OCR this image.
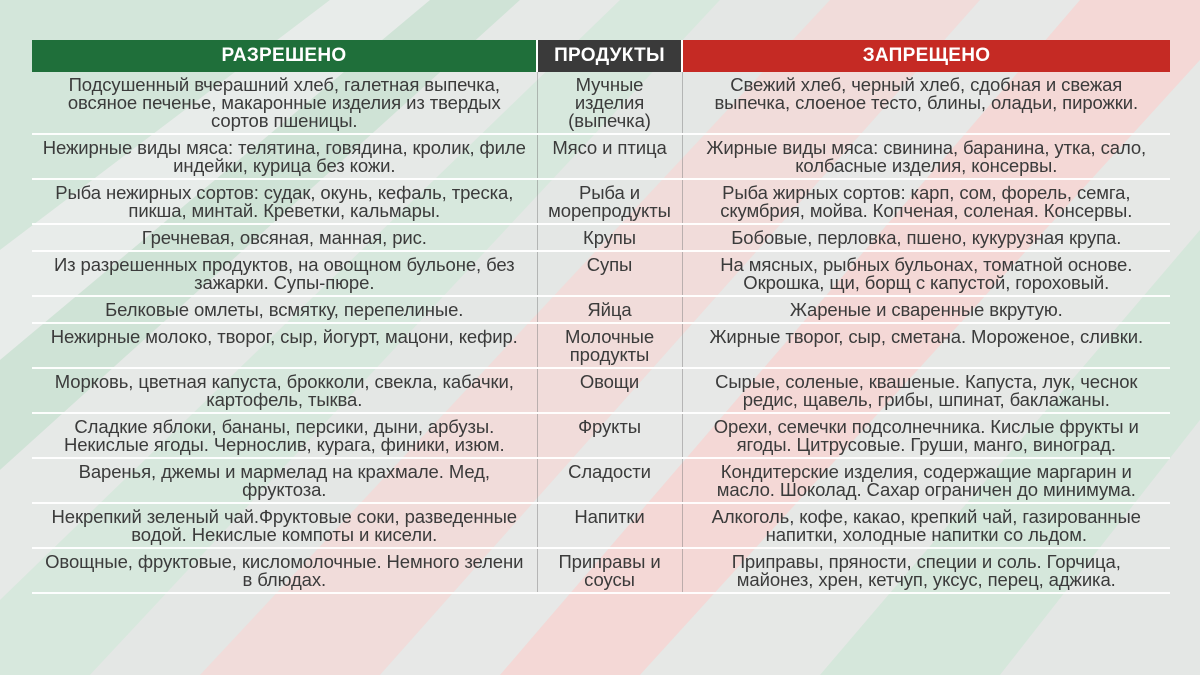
РАЗРЕШЕНО	ПРОДУКТЫ	ЗАПРЕЩЕНО
Подсушенный вчерашний хлеб, галетная выпечка, овсяное печенье, макаронные изделия из твердых сортов пшеницы.	Мучные изделия (выпечка)	Свежий хлеб, черный хлеб, сдобная и свежая выпечка, слоеное тесто, блины, оладьи, пирожки.
Нежирные виды мяса: телятина, говядина, кролик, филе индейки, курица без кожи.	Мясо и птица	Жирные виды мяса: свинина, баранина, утка, сало, колбасные изделия, консервы.
Рыба нежирных сортов: судак, окунь, кефаль, треска, пикша, минтай. Креветки, кальмары.	Рыба и морепродукты	Рыба жирных сортов: карп, сом, форель, семга, скумбрия, мойва. Копченая, соленая. Консервы.
Гречневая, овсяная, манная, рис.	Крупы	Бобовые, перловка, пшено, кукурузная крупа.
Из разрешенных продуктов, на овощном бульоне, без зажарки. Супы-пюре.	Супы	На мясных, рыбных бульонах, томатной основе. Окрошка, щи, борщ с капустой, гороховый.
Белковые омлеты, всмятку, перепелиные.	Яйца	Жареные и сваренные вкрутую.
Нежирные молоко, творог, сыр, йогурт, мацони, кефир.	Молочные продукты	Жирные творог, сыр, сметана. Мороженое, сливки.
Морковь, цветная капуста, брокколи, свекла, кабачки, картофель, тыква.	Овощи	Сырые, соленые, квашеные. Капуста, лук, чеснок редис, щавель, грибы, шпинат, баклажаны.
Сладкие яблоки, бананы, персики, дыни, арбузы. Некислые ягоды. Чернослив, курага, финики, изюм.	Фрукты	Орехи, семечки подсолнечника. Кислые фрукты и ягоды. Цитрусовые. Груши, манго, виноград.
Варенья, джемы и мармелад на крахмале. Мед, фруктоза.	Сладости	Кондитерские изделия, содержащие маргарин и масло. Шоколад. Сахар ограничен до минимума.
Некрепкий зеленый чай.Фруктовые соки, разведенные водой. Некислые компоты и кисели.	Напитки	Алкоголь, кофе, какао, крепкий чай, газированные напитки, холодные напитки со льдом.
Овощные, фруктовые, кисломолочные. Немного зелени в блюдах.	Приправы и соусы	Приправы, пряности, специи и соль. Горчица, майонез, хрен, кетчуп, уксус, перец, аджика.
